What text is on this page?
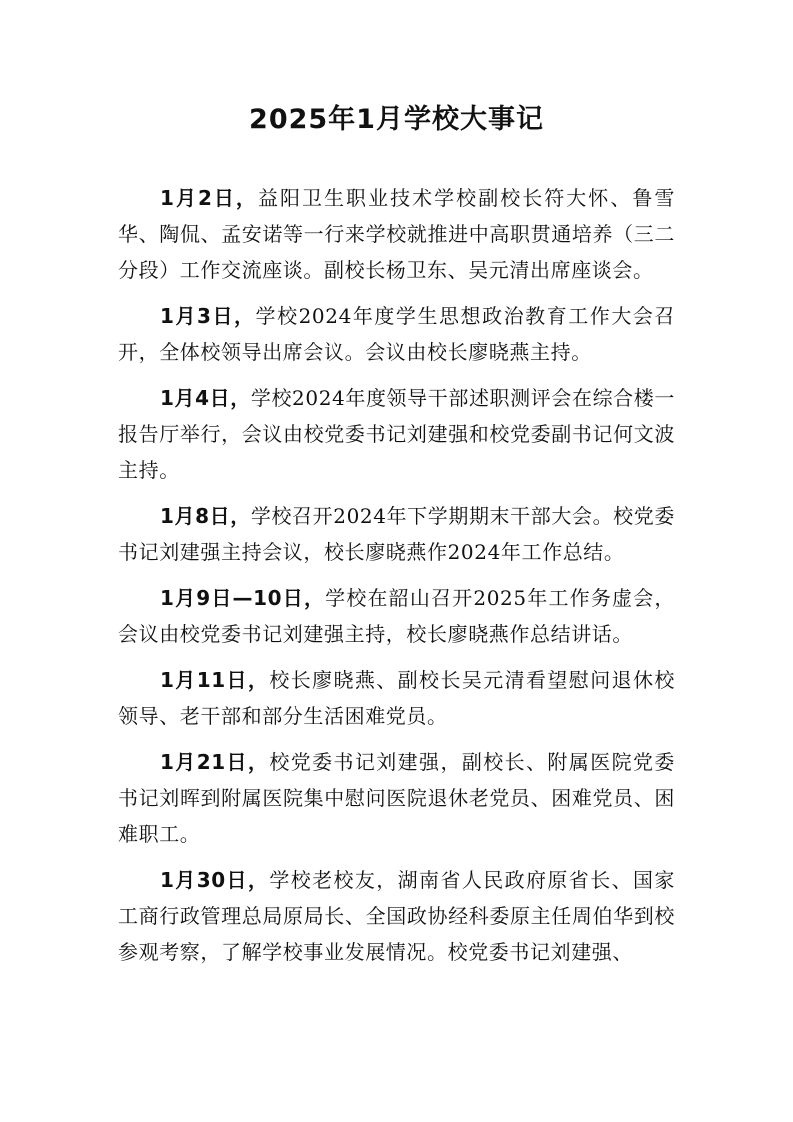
2025年1月学校大事记

1月2日，益阳卫生职业技术学校副校长符大怀、鲁雪华、陶侃、孟安诺等一行来学校就推进中高职贯通培养（三二分段）工作交流座谈。副校长杨卫东、吴元清出席座谈会。

1月3日，学校2024年度学生思想政治教育工作大会召开，全体校领导出席会议。会议由校长廖晓燕主持。

1月4日，学校2024年度领导干部述职测评会在综合楼一报告厅举行，会议由校党委书记刘建强和校党委副书记何文波主持。

1月8日，学校召开2024年下学期期末干部大会。校党委书记刘建强主持会议，校长廖晓燕作2024年工作总结。

1月9日—10日，学校在韶山召开2025年工作务虚会，会议由校党委书记刘建强主持，校长廖晓燕作总结讲话。

1月11日，校长廖晓燕、副校长吴元清看望慰问退休校领导、老干部和部分生活困难党员。

1月21日，校党委书记刘建强，副校长、附属医院党委书记刘晖到附属医院集中慰问医院退休老党员、困难党员、困难职工。

1月30日，学校老校友，湖南省人民政府原省长、国家工商行政管理总局原局长、全国政协经科委原主任周伯华到校参观考察，了解学校事业发展情况。校党委书记刘建强、
